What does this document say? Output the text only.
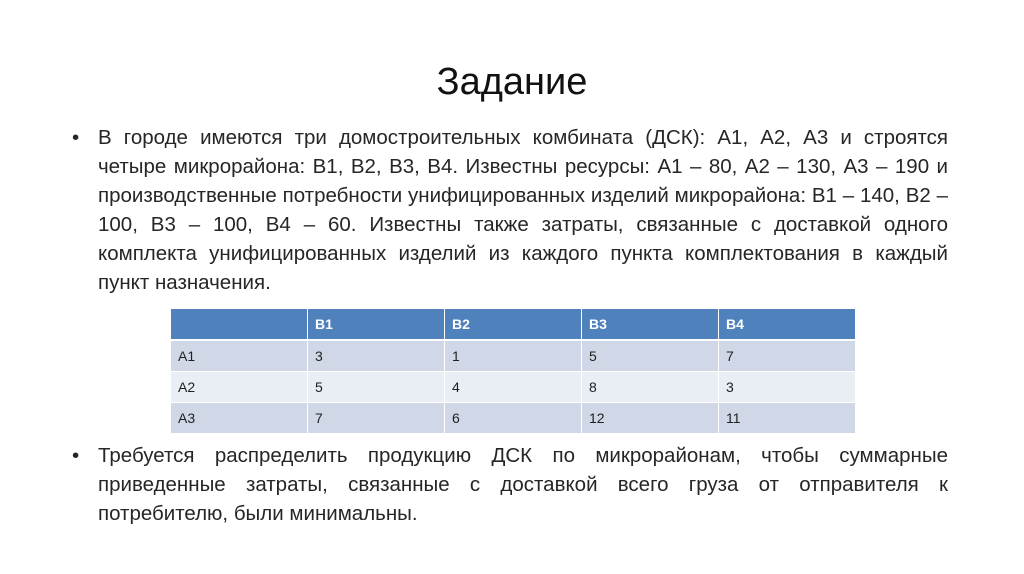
Задание
• В городе имеются три домостроительных комбината (ДСК): А1, А2, А3 и строятся четыре микрорайона: В1, В2, В3, В4. Известны ресурсы: А1 – 80, А2 – 130, А3 – 190 и производственные потребности унифицированных изделий микрорайона: В1 – 140, В2 – 100, В3 – 100, В4 – 60. Известны также затраты, связанные с доставкой одного комплекта унифицированных изделий из каждого пункта комплектования в каждый пункт назначения.
	В1	В2	В3	В4
А1	3	1	5	7
А2	5	4	8	3
А3	7	6	12	11
• Требуется распределить продукцию ДСК по микрорайонам, чтобы суммарные приведенные затраты, связанные с доставкой всего груза от отправителя к потребителю, были минимальны.
